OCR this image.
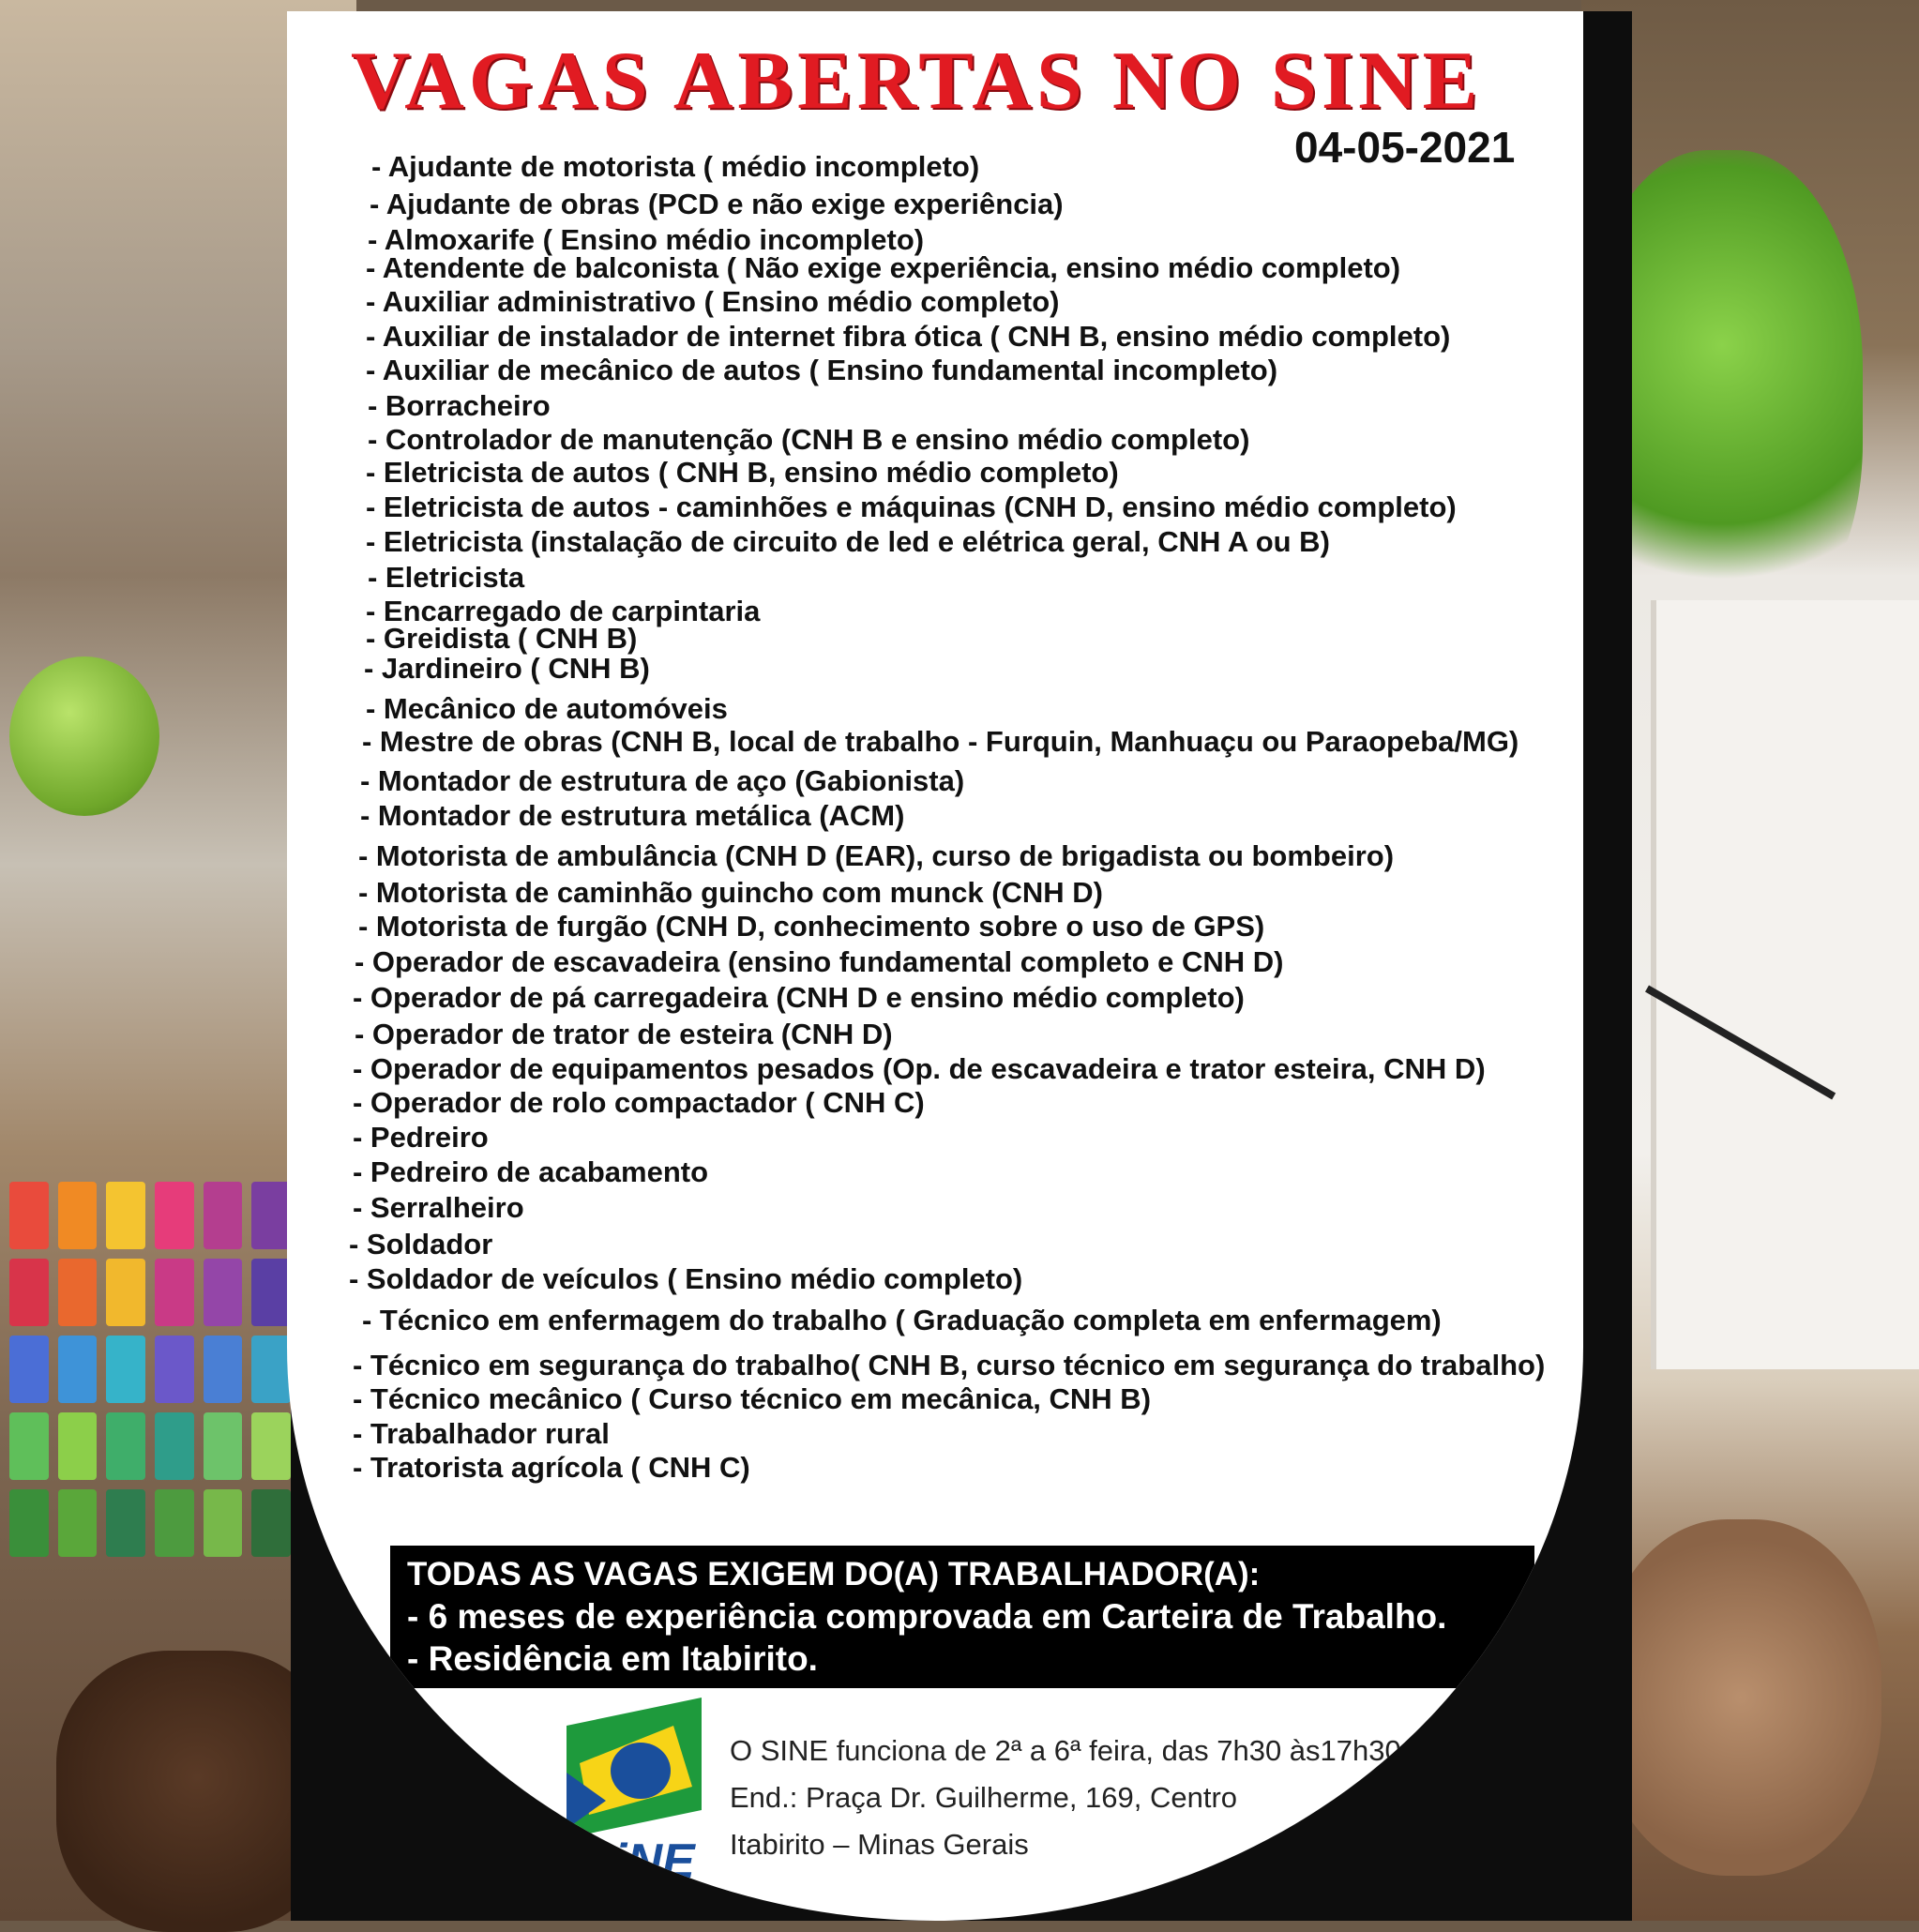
VAGAS ABERTAS NO SINE
04-05-2021
- Ajudante de motorista ( médio incompleto)
- Ajudante de obras (PCD e não exige experiência)
- Almoxarife ( Ensino médio incompleto)
- Atendente de balconista ( Não exige experiência, ensino médio completo)
- Auxiliar administrativo ( Ensino médio completo)
- Auxiliar de instalador de internet fibra ótica ( CNH B, ensino médio completo)
- Auxiliar de mecânico de autos ( Ensino fundamental incompleto)
- Borracheiro
- Controlador de manutenção (CNH B e ensino médio completo)
- Eletricista de autos ( CNH B, ensino médio completo)
- Eletricista de autos - caminhões e máquinas (CNH D, ensino médio completo)
- Eletricista (instalação de circuito de led e elétrica geral, CNH A ou B)
- Eletricista
- Encarregado de carpintaria
- Greidista ( CNH B)
- Jardineiro ( CNH B)
- Mecânico de automóveis
- Mestre de obras (CNH B, local de trabalho - Furquin, Manhuaçu ou Paraopeba/MG)
- Montador de estrutura de aço (Gabionista)
- Montador de estrutura metálica (ACM)
- Motorista de ambulância (CNH D (EAR), curso de brigadista ou bombeiro)
- Motorista de caminhão guincho com munck (CNH D)
- Motorista de furgão (CNH D, conhecimento sobre o uso de GPS)
- Operador de escavadeira (ensino fundamental completo e CNH D)
- Operador de pá carregadeira (CNH D e ensino médio completo)
- Operador de trator de esteira (CNH D)
- Operador de equipamentos pesados (Op. de escavadeira e trator esteira, CNH D)
- Operador de rolo compactador ( CNH C)
- Pedreiro
- Pedreiro de acabamento
- Serralheiro
- Soldador
- Soldador de veículos ( Ensino médio completo)
- Técnico em enfermagem do trabalho ( Graduação completa em enfermagem)
- Técnico em segurança do trabalho( CNH B, curso técnico em segurança do trabalho)
- Técnico mecânico ( Curso técnico em mecânica, CNH B)
- Trabalhador rural
- Tratorista agrícola ( CNH C)
TODAS AS VAGAS EXIGEM DO(A) TRABALHADOR(A):
- 6 meses de experiência comprovada em Carteira de Trabalho.
- Residência em Itabirito.
SiNE
O SINE funciona de 2ª a 6ª feira, das 7h30 às17h30
End.: Praça Dr. Guilherme, 169, Centro
Itabirito – Minas Gerais
